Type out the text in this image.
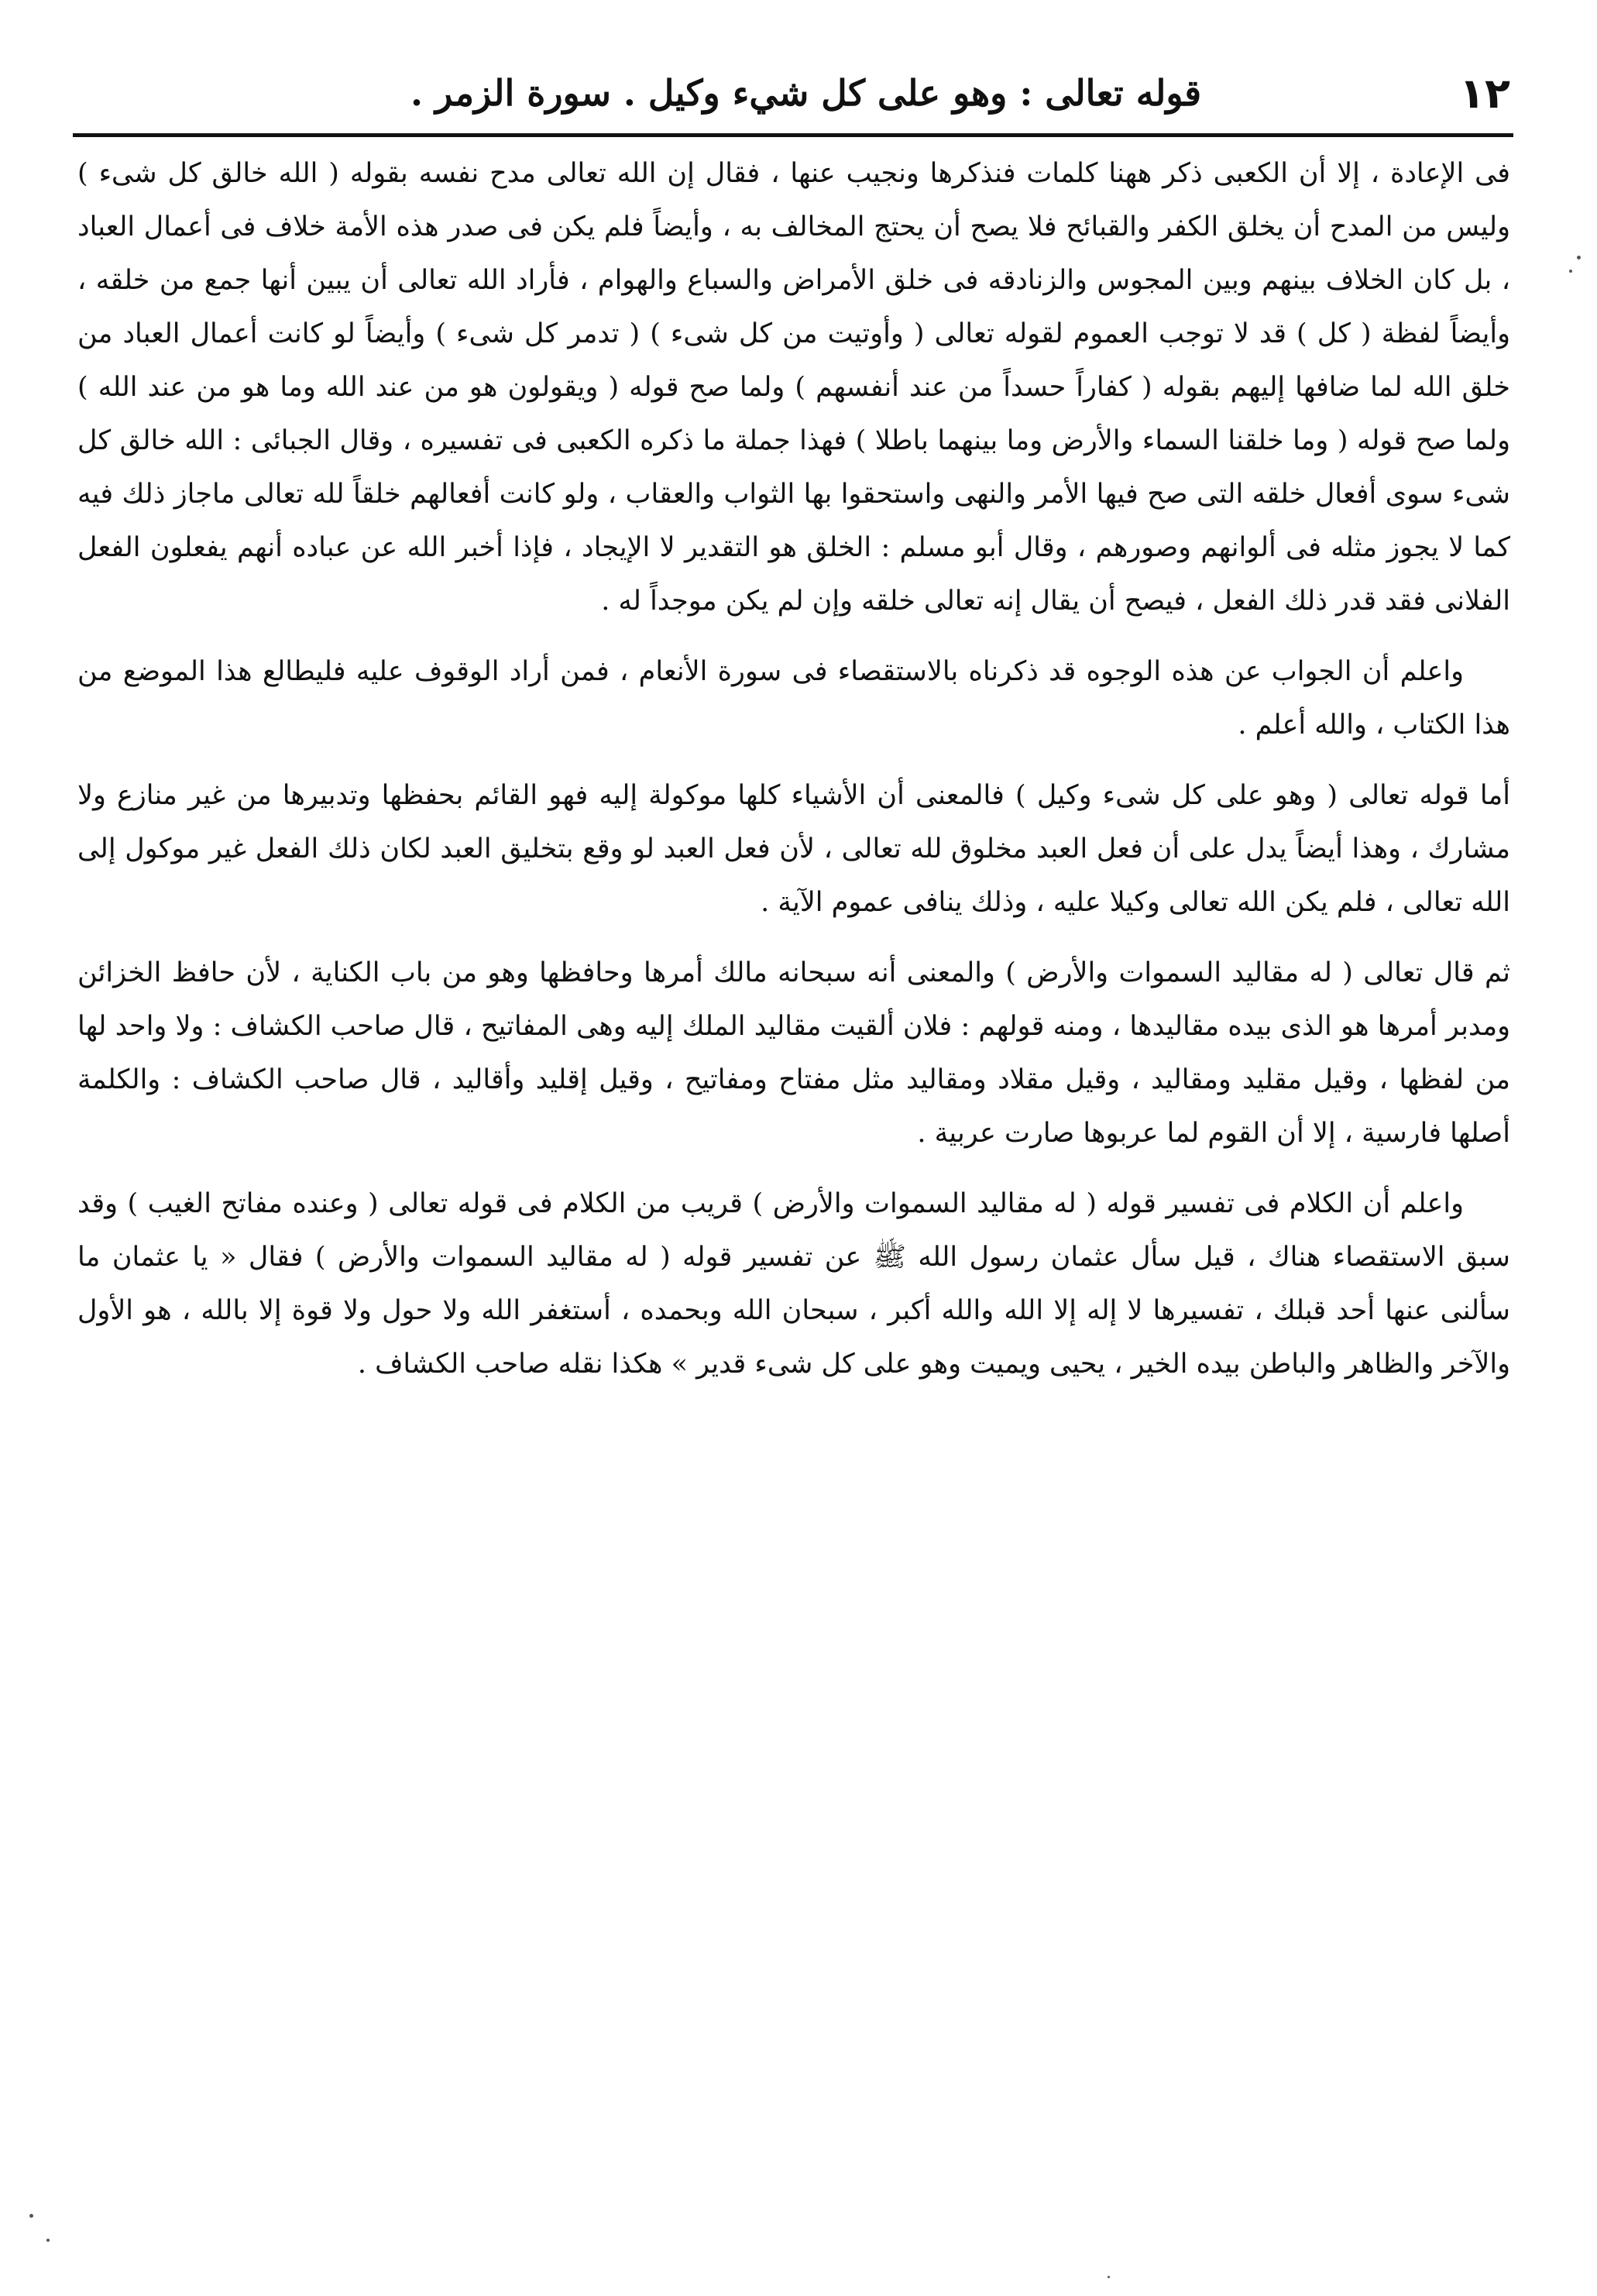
١٢
قوله تعالى : وهو على كل شيء وكيل . سورة الزمر .

فى الإعادة ، إلا أن الكعبى ذكر ههنا كلمات فنذكرها ونجيب عنها ، فقال إن الله تعالى مدح نفسه بقوله ( الله خالق كل شىء ) وليس من المدح أن يخلق الكفر والقبائح فلا يصح أن يحتج المخالف به ، وأيضاً فلم يكن فى صدر هذه الأمة خلاف فى أعمال العباد ، بل كان الخلاف بينهم وبين المجوس والزنادقه فى خلق الأمراض والسباع والهوام ، فأراد الله تعالى أن يبين أنها جمع من خلقه ، وأيضاً لفظة ( كل ) قد لا توجب العموم لقوله تعالى ( وأوتيت من كل شىء ) ( تدمر كل شىء ) وأيضاً لو كانت أعمال العباد من خلق الله لما ضافها إليهم بقوله ( كفاراً حسداً من عند أنفسهم ) ولما صح قوله ( ويقولون هو من عند الله وما هو من عند الله ) ولما صح قوله ( وما خلقنا السماء والأرض وما بينهما باطلا ) فهذا جملة ما ذكره الكعبى فى تفسيره ، وقال الجبائى : الله خالق كل شىء سوى أفعال خلقه التى صح فيها الأمر والنهى واستحقوا بها الثواب والعقاب ، ولو كانت أفعالهم خلقاً لله تعالى ماجاز ذلك فيه كما لا يجوز مثله فى ألوانهم وصورهم ، وقال أبو مسلم : الخلق هو التقدير لا الإيجاد ، فإذا أخبر الله عن عباده أنهم يفعلون الفعل الفلانى فقد قدر ذلك الفعل ، فيصح أن يقال إنه تعالى خلقه وإن لم يكن موجداً له .

واعلم أن الجواب عن هذه الوجوه قد ذكرناه بالاستقصاء فى سورة الأنعام ، فمن أراد الوقوف عليه فليطالع هذا الموضع من هذا الكتاب ، والله أعلم .

أما قوله تعالى ( وهو على كل شىء وكيل ) فالمعنى أن الأشياء كلها موكولة إليه فهو القائم بحفظها وتدبيرها من غير منازع ولا مشارك ، وهذا أيضاً يدل على أن فعل العبد مخلوق لله تعالى ، لأن فعل العبد لو وقع بتخليق العبد لكان ذلك الفعل غير موكول إلى الله تعالى ، فلم يكن الله تعالى وكيلا عليه ، وذلك ينافى عموم الآية .

ثم قال تعالى ( له مقاليد السموات والأرض ) والمعنى أنه سبحانه مالك أمرها وحافظها وهو من باب الكناية ، لأن حافظ الخزائن ومدبر أمرها هو الذى بيده مقاليدها ، ومنه قولهم : فلان ألقيت مقاليد الملك إليه وهى المفاتيح ، قال صاحب الكشاف : ولا واحد لها من لفظها ، وقيل مقليد ومقاليد ، وقيل مقلاد ومقاليد مثل مفتاح ومفاتيح ، وقيل إقليد وأقاليد ، قال صاحب الكشاف : والكلمة أصلها فارسية ، إلا أن القوم لما عربوها صارت عربية .

واعلم أن الكلام فى تفسير قوله ( له مقاليد السموات والأرض ) قريب من الكلام فى قوله تعالى ( وعنده مفاتح الغيب ) وقد سبق الاستقصاء هناك ، قيل سأل عثمان رسول الله ﷺ عن تفسير قوله ( له مقاليد السموات والأرض ) فقال « يا عثمان ما سألنى عنها أحد قبلك ، تفسيرها لا إله إلا الله والله أكبر ، سبحان الله وبحمده ، أستغفر الله ولا حول ولا قوة إلا بالله ، هو الأول والآخر والظاهر والباطن بيده الخير ، يحيى ويميت وهو على كل شىء قدير » هكذا نقله صاحب الكشاف .
